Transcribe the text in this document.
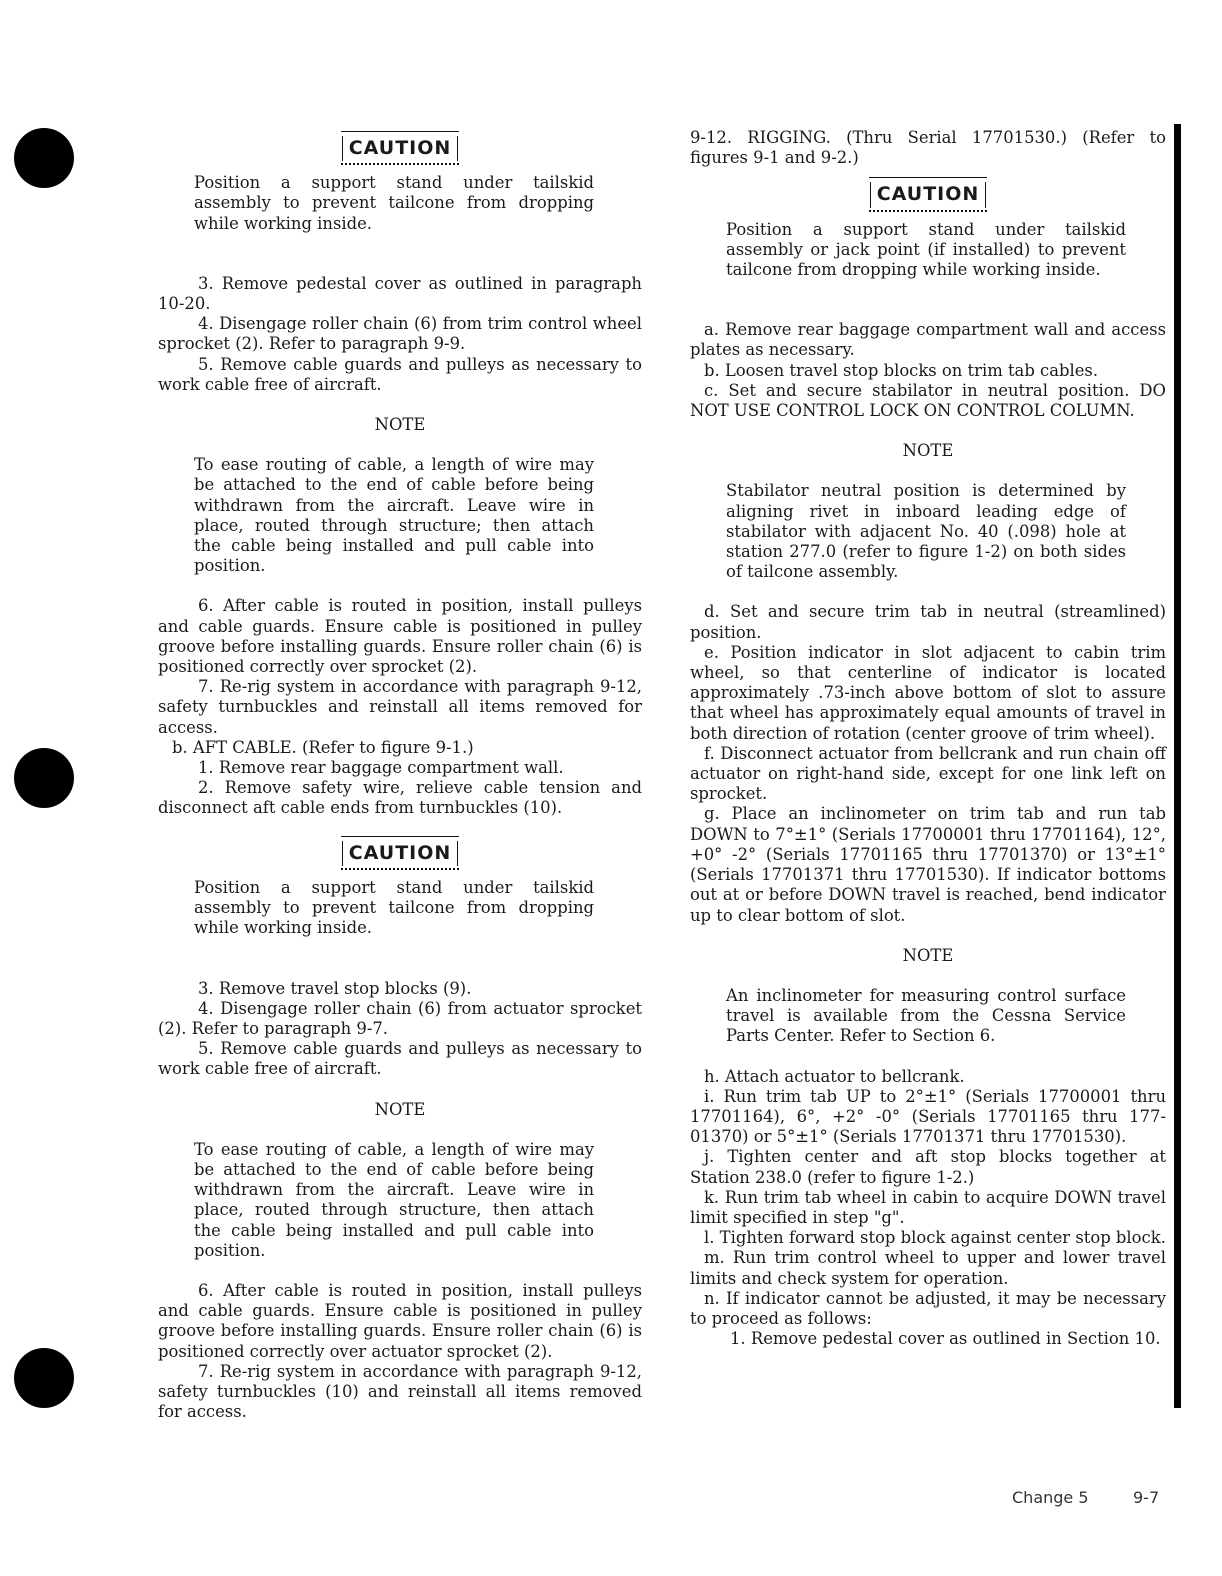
CAUTION

Position a support stand under tailskid assembly to prevent tailcone from dropping while working inside.

3. Remove pedestal cover as outlined in paragraph 10-20.

4. Disengage roller chain (6) from trim control wheel sprocket (2). Refer to paragraph 9-9.

5. Remove cable guards and pulleys as necessary to work cable free of aircraft.

NOTE

To ease routing of cable, a length of wire may be attached to the end of cable before being withdrawn from the aircraft. Leave wire in place, routed through structure; then attach the cable being installed and pull cable into position.

6. After cable is routed in position, install pulleys and cable guards. Ensure cable is positioned in pulley groove before installing guards. Ensure roller chain (6) is positioned correctly over sprocket (2).

7. Re-rig system in accordance with paragraph 9-12, safety turnbuckles and reinstall all items removed for access.

b. AFT CABLE. (Refer to figure 9-1.)

1. Remove rear baggage compartment wall.

2. Remove safety wire, relieve cable tension and disconnect aft cable ends from turnbuckles (10).

CAUTION

Position a support stand under tailskid assembly to prevent tailcone from dropping while working inside.

3. Remove travel stop blocks (9).

4. Disengage roller chain (6) from actuator sprocket (2). Refer to paragraph 9-7.

5. Remove cable guards and pulleys as necessary to work cable free of aircraft.

NOTE

To ease routing of cable, a length of wire may be attached to the end of cable before being withdrawn from the aircraft. Leave wire in place, routed through structure, then attach the cable being installed and pull cable into position.

6. After cable is routed in position, install pulleys and cable guards. Ensure cable is positioned in pulley groove before installing guards. Ensure roller chain (6) is positioned correctly over actuator sprocket (2).

7. Re-rig system in accordance with paragraph 9-12, safety turnbuckles (10) and reinstall all items removed for access.

9-12. RIGGING. (Thru Serial 17701530.) (Refer to figures 9-1 and 9-2.)

CAUTION

Position a support stand under tailskid assembly or jack point (if installed) to prevent tailcone from dropping while working inside.

a. Remove rear baggage compartment wall and access plates as necessary.

b. Loosen travel stop blocks on trim tab cables.

c. Set and secure stabilator in neutral position. DO NOT USE CONTROL LOCK ON CONTROL COLUMN.

NOTE

Stabilator neutral position is determined by aligning rivet in inboard leading edge of stabilator with adjacent No. 40 (.098) hole at station 277.0 (refer to figure 1-2) on both sides of tailcone assembly.

d. Set and secure trim tab in neutral (streamlined) position.

e. Position indicator in slot adjacent to cabin trim wheel, so that centerline of indicator is located approximately .73-inch above bottom of slot to assure that wheel has approximately equal amounts of travel in both direction of rotation (center groove of trim wheel).

f. Disconnect actuator from bellcrank and run chain off actuator on right-hand side, except for one link left on sprocket.

g. Place an inclinometer on trim tab and run tab DOWN to 7°±1° (Serials 17700001 thru 17701164), 12°, +0° -2° (Serials 17701165 thru 17701370) or 13°±1° (Serials 17701371 thru 17701530). If indicator bottoms out at or before DOWN travel is reached, bend indicator up to clear bottom of slot.

NOTE

An inclinometer for measuring control surface travel is available from the Cessna Service Parts Center. Refer to Section 6.

h. Attach actuator to bellcrank.

i. Run trim tab UP to 2°±1° (Serials 17700001 thru 17701164), 6°, +2° -0° (Serials 17701165 thru 177-01370) or 5°±1° (Serials 17701371 thru 17701530).

j. Tighten center and aft stop blocks together at Station 238.0 (refer to figure 1-2.)

k. Run trim tab wheel in cabin to acquire DOWN travel limit specified in step "g".

l. Tighten forward stop block against center stop block.

m. Run trim control wheel to upper and lower travel limits and check system for operation.

n. If indicator cannot be adjusted, it may be necessary to proceed as follows:

1. Remove pedestal cover as outlined in Section 10.

Change 5	9-7
